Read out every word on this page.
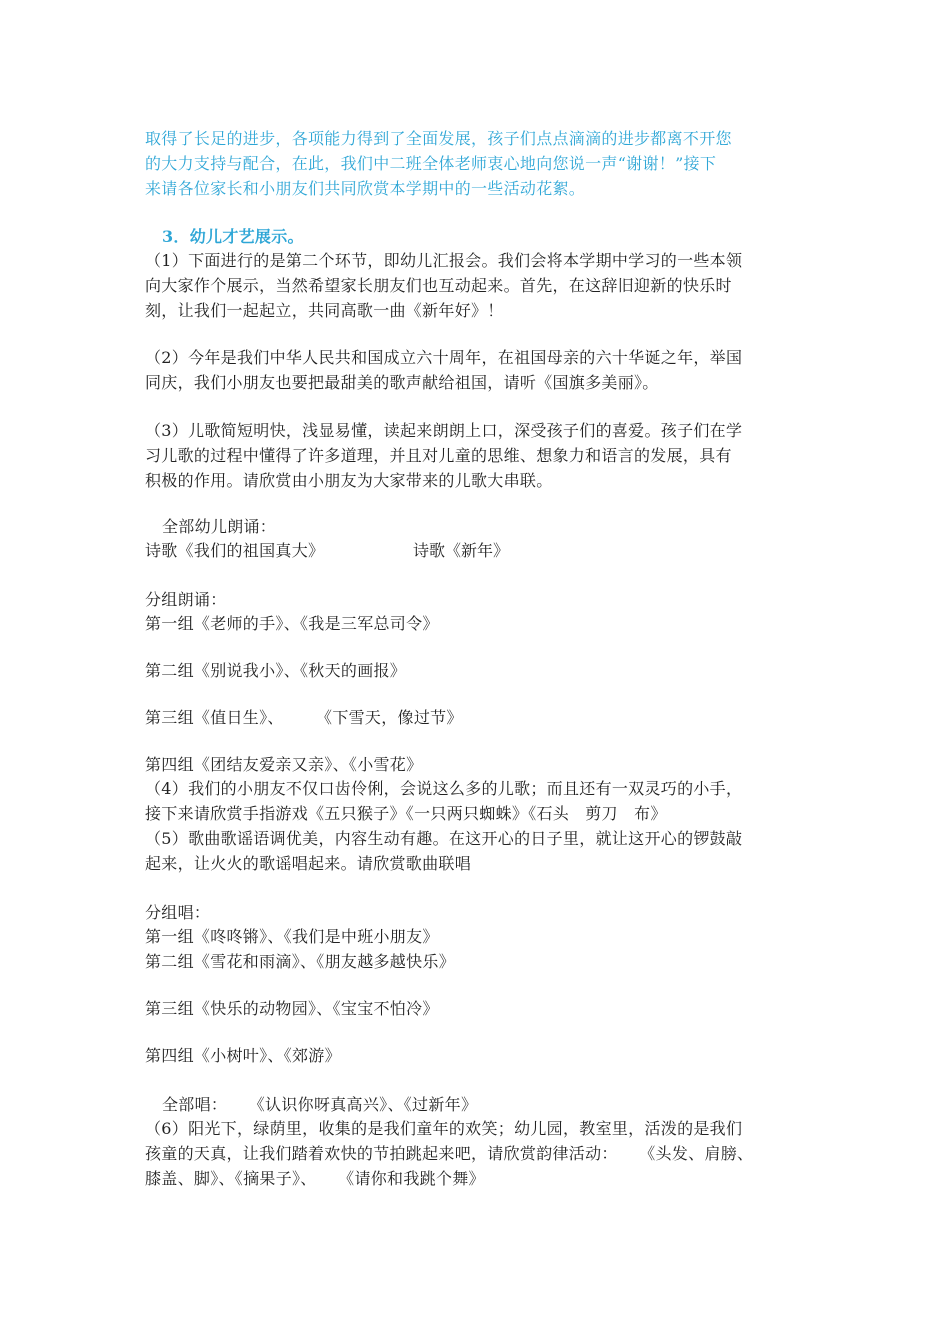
取得了长足的进步，各项能力得到了全面发展，孩子们点点滴滴的进步都离不开您
的大力支持与配合，在此，我们中二班全体老师衷心地向您说一声“谢谢！”接下
来请各位家长和小朋友们共同欣赏本学期中的一些活动花絮。
3．幼儿才艺展示。
（1）下面进行的是第二个环节，即幼儿汇报会。我们会将本学期中学习的一些本领
向大家作个展示，当然希望家长朋友们也互动起来。首先，在这辞旧迎新的快乐时
刻，让我们一起起立，共同高歌一曲《新年好》！
（2）今年是我们中华人民共和国成立六十周年，在祖国母亲的六十华诞之年，举国
同庆，我们小朋友也要把最甜美的歌声献给祖国，请听《国旗多美丽》。
（3）儿歌简短明快，浅显易懂，读起来朗朗上口，深受孩子们的喜爱。孩子们在学
习儿歌的过程中懂得了许多道理，并且对儿童的思维、想象力和语言的发展，具有
积极的作用。请欣赏由小朋友为大家带来的儿歌大串联。
全部幼儿朗诵：
诗歌《我们的祖国真大》	诗歌《新年》
分组朗诵：
第一组《老师的手》、《我是三军总司令》
第二组《别说我小》、《秋天的画报》
第三组《值日生》、      《下雪天，像过节》
第四组《团结友爱亲又亲》、《小雪花》
（4）我们的小朋友不仅口齿伶俐，会说这么多的儿歌；而且还有一双灵巧的小手，
接下来请欣赏手指游戏《五只猴子》《一只两只蜘蛛》《石头   剪刀   布》
（5）歌曲歌谣语调优美，内容生动有趣。在这开心的日子里，就让这开心的锣鼓敲
起来，让火火的歌谣唱起来。请欣赏歌曲联唱
分组唱：
第一组《咚咚锵》、《我们是中班小朋友》
第二组《雪花和雨滴》、《朋友越多越快乐》
第三组《快乐的动物园》、《宝宝不怕冷》
第四组《小树叶》、《郊游》
全部唱：    《认识你呀真高兴》、《过新年》
（6）阳光下，绿荫里，收集的是我们童年的欢笑；幼儿园，教室里，活泼的是我们
孩童的天真，让我们踏着欢快的节拍跳起来吧，请欣赏韵律活动：    《头发、肩膀、
膝盖、脚》、《摘果子》、    《请你和我跳个舞》
